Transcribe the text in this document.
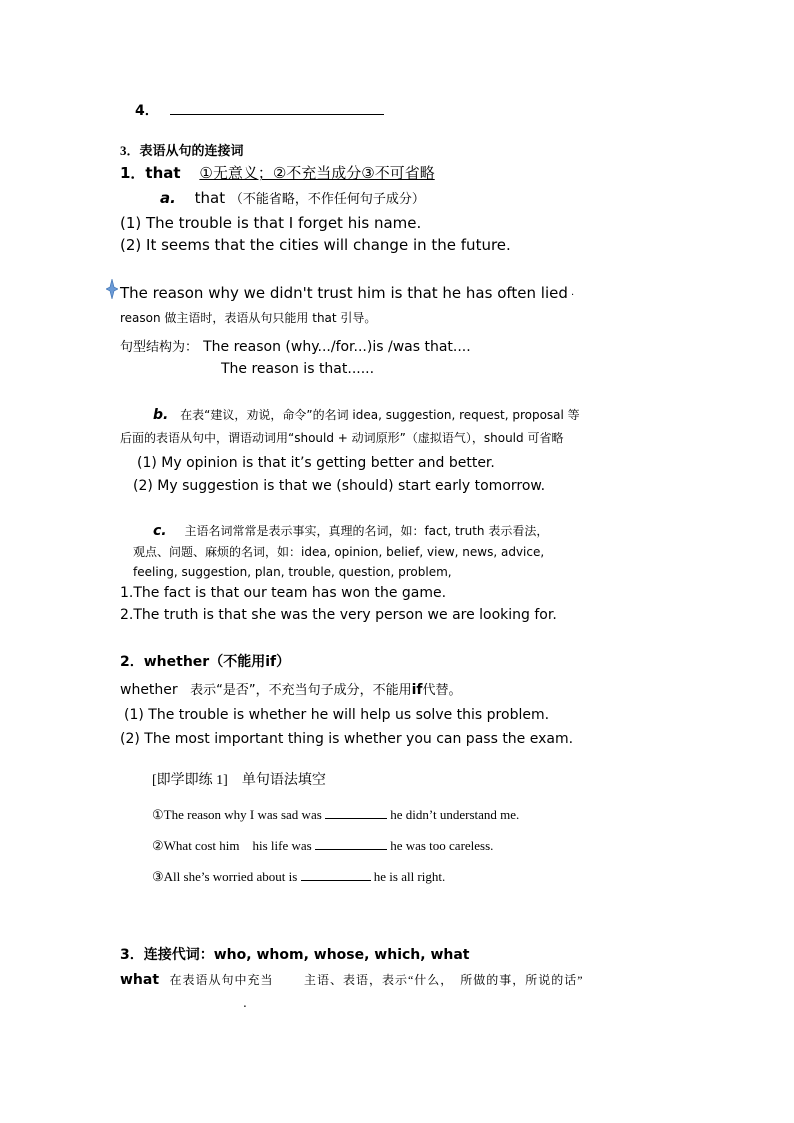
4．
3．表语从句的连接词
1．that ①无意义；②不充当成分③不可省略
a. that （不能省略，不作任何句子成分）
(1) The trouble is that I forget his name.
(2) It seems that the cities will change in the future.
The reason why we didn't trust him is that he has often lied ·
reason 做主语时，表语从句只能用 that 引导。
句型结构为： The reason (why.../for...)is /was that....
The reason is that......
b. 在表“建议，劝说，命令”的名词 idea, suggestion, request, proposal 等
后面的表语从句中，谓语动词用“should + 动词原形”（虚拟语气），should 可省略
(1) My opinion is that it’s getting better and better.
(2) My suggestion is that we (should) start early tomorrow.
c. 主语名词常常是表示事实，真理的名词，如：fact, truth 表示看法，
观点、问题、麻烦的名词，如：idea, opinion, belief, view, news, advice,
feeling, suggestion, plan, trouble, question, problem,
1.The fact is that our team has won the game.
2.The truth is that she was the very person we are looking for.
2．whether（不能用if）
whether 表示“是否”，不充当句子成分，不能用if代替。
(1) The trouble is whether he will help us solve this problem.
(2) The most important thing is whether you can pass the exam.
[即学即练 1]　单句语法填空
①The reason why I was sad was	he didn’t understand me.
②What cost him　his life was	he was too careless.
③All she’s worried about is	he is all right.
3．连接代词：who, whom, whose, which, what
what 在表语从句中充当	主语、表语，表示“什么，　所做的事，所说的话”
.
